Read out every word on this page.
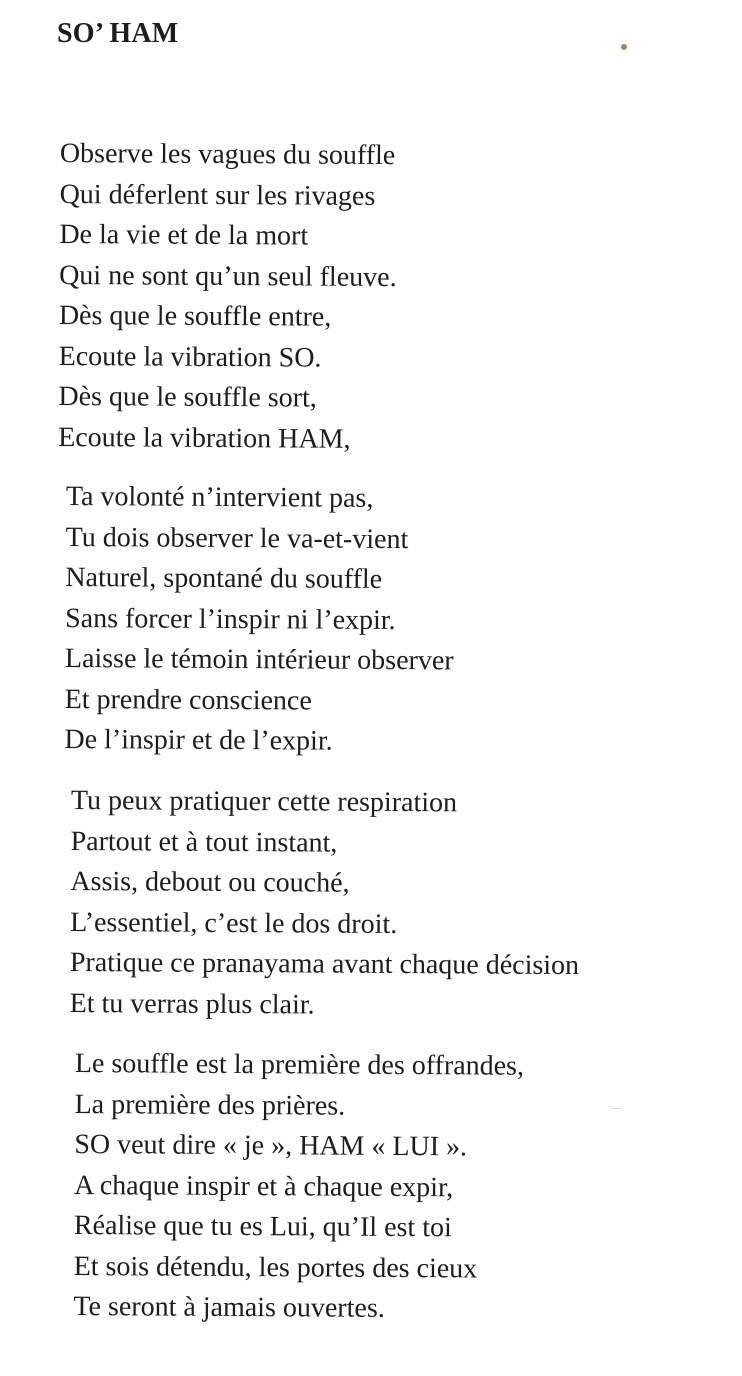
SO’ HAM

Observe les vagues du souffle
Qui déferlent sur les rivages
De la vie et de la mort
Qui ne sont qu’un seul fleuve.
Dès que le souffle entre,
Ecoute la vibration SO.
Dès que le souffle sort,
Ecoute la vibration HAM,

Ta volonté n’intervient pas,
Tu dois observer le va-et-vient
Naturel, spontané du souffle
Sans forcer l’inspir ni l’expir.
Laisse le témoin intérieur observer
Et prendre conscience
De l’inspir et de l’expir.

Tu peux pratiquer cette respiration
Partout et à tout instant,
Assis, debout ou couché,
L’essentiel, c’est le dos droit.
Pratique ce pranayama avant chaque décision
Et tu verras plus clair.

Le souffle est la première des offrandes,
La première des prières.
SO veut dire « je », HAM « LUI ».
A chaque inspir et à chaque expir,
Réalise que tu es Lui, qu’Il est toi
Et sois détendu, les portes des cieux
Te seront à jamais ouvertes.
